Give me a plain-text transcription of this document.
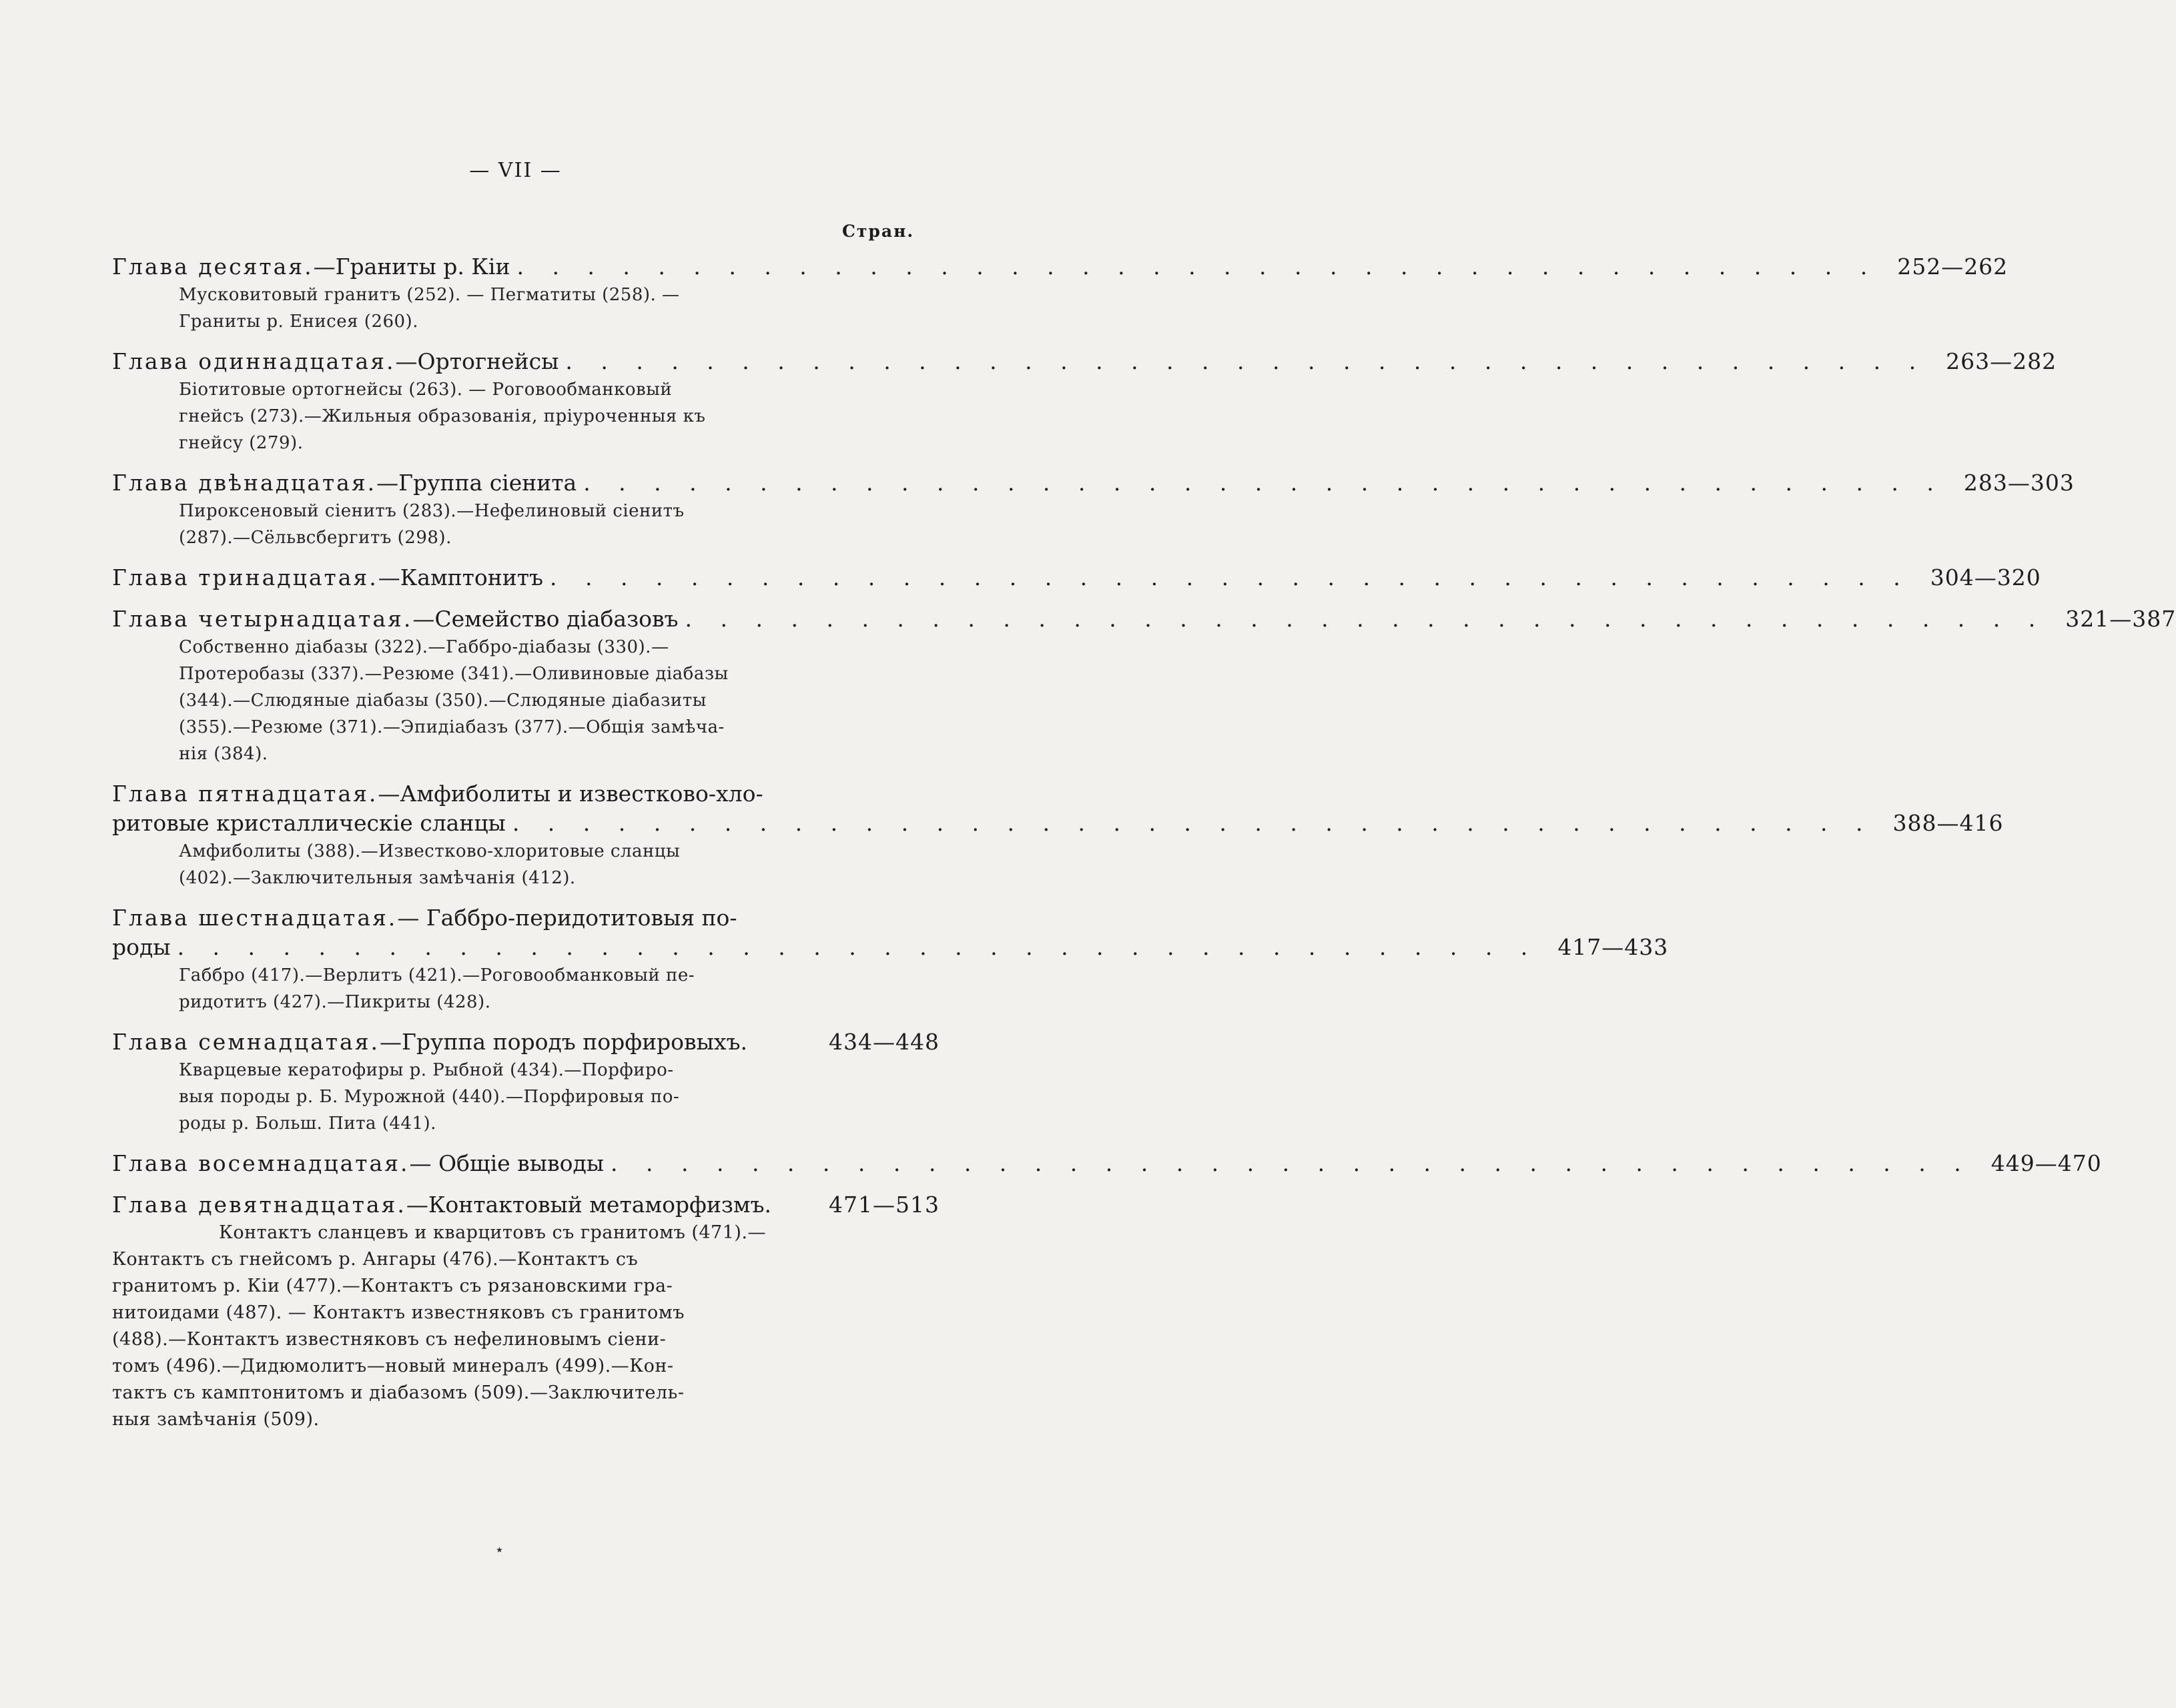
— VII —
Стран.
Глава десятая.—Граниты р. Кіи . . . . . . . . . . . . . . . . . . . . . . . . . . . . . . . . . . . . . . . 252—262
Мусковитовый гранитъ (252). — Пегматиты (258). —
Граниты р. Енисея (260).
Глава одиннадцатая.—Ортогнейсы . . . . . . . . . . . . . . . . . . . . . . . . . . . . . . . . . . . . . . . 263—282
Біотитовые ортогнейсы (263). — Роговообманковый
гнейсъ (273).—Жильныя образованія, пріуроченныя къ
гнейсу (279).
Глава двѣнадцатая.—Группа сіенита . . . . . . . . . . . . . . . . . . . . . . . . . . . . . . . . . . . . . . . 283—303
Пироксеновый сіенитъ (283).—Нефелиновый сіенитъ
(287).—Сёльвсбергитъ (298).
Глава тринадцатая.—Камптонитъ . . . . . . . . . . . . . . . . . . . . . . . . . . . . . . . . . . . . . . . 304—320
Глава четырнадцатая.—Семейство діабазовъ . . . . . . . . . . . . . . . . . . . . . . . . . . . . . . . . . . . . . . . 321—387
Собственно діабазы (322).—Габбро-діабазы (330).—
Протеробазы (337).—Резюме (341).—Оливиновые діабазы
(344).—Слюдяные діабазы (350).—Слюдяные діабазиты
(355).—Резюме (371).—Эпидіабазъ (377).—Общія замѣча-
нія (384).
Глава пятнадцатая.—Амфиболиты и известково-хло-
ритовые кристаллическіе сланцы . . . . . . . . . . . . . . . . . . . . . . . . . . . . . . . . . . . . . . . 388—416
Амфиболиты (388).—Известково-хлоритовые сланцы
(402).—Заключительныя замѣчанія (412).
Глава шестнадцатая.— Габбро-перидотитовыя по-
роды . . . . . . . . . . . . . . . . . . . . . . . . . . . . . . . . . . . . . . . 417—433
Габбро (417).—Верлитъ (421).—Роговообманковый пе-
ридотитъ (427).—Пикриты (428).
Глава семнадцатая.—Группа породъ порфировыхъ.	434—448
Кварцевые кератофиры р. Рыбной (434).—Порфиро-
выя породы р. Б. Мурожной (440).—Порфировыя по-
роды р. Больш. Пита (441).
Глава восемнадцатая.— Общіе выводы . . . . . . . . . . . . . . . . . . . . . . . . . . . . . . . . . . . . . . . 449—470
Глава девятнадцатая.—Контактовый метаморфизмъ.	471—513
Контактъ сланцевъ и кварцитовъ съ гранитомъ (471).—
Контактъ съ гнейсомъ р. Ангары (476).—Контактъ съ
гранитомъ р. Кіи (477).—Контактъ съ рязановскими гра-
нитоидами (487). — Контактъ известняковъ съ гранитомъ
(488).—Контактъ известняковъ съ нефелиновымъ сіени-
томъ (496).—Дидюмолитъ—новый минералъ (499).—Кон-
тактъ съ камптонитомъ и діабазомъ (509).—Заключитель-
ныя замѣчанія (509).
٭
